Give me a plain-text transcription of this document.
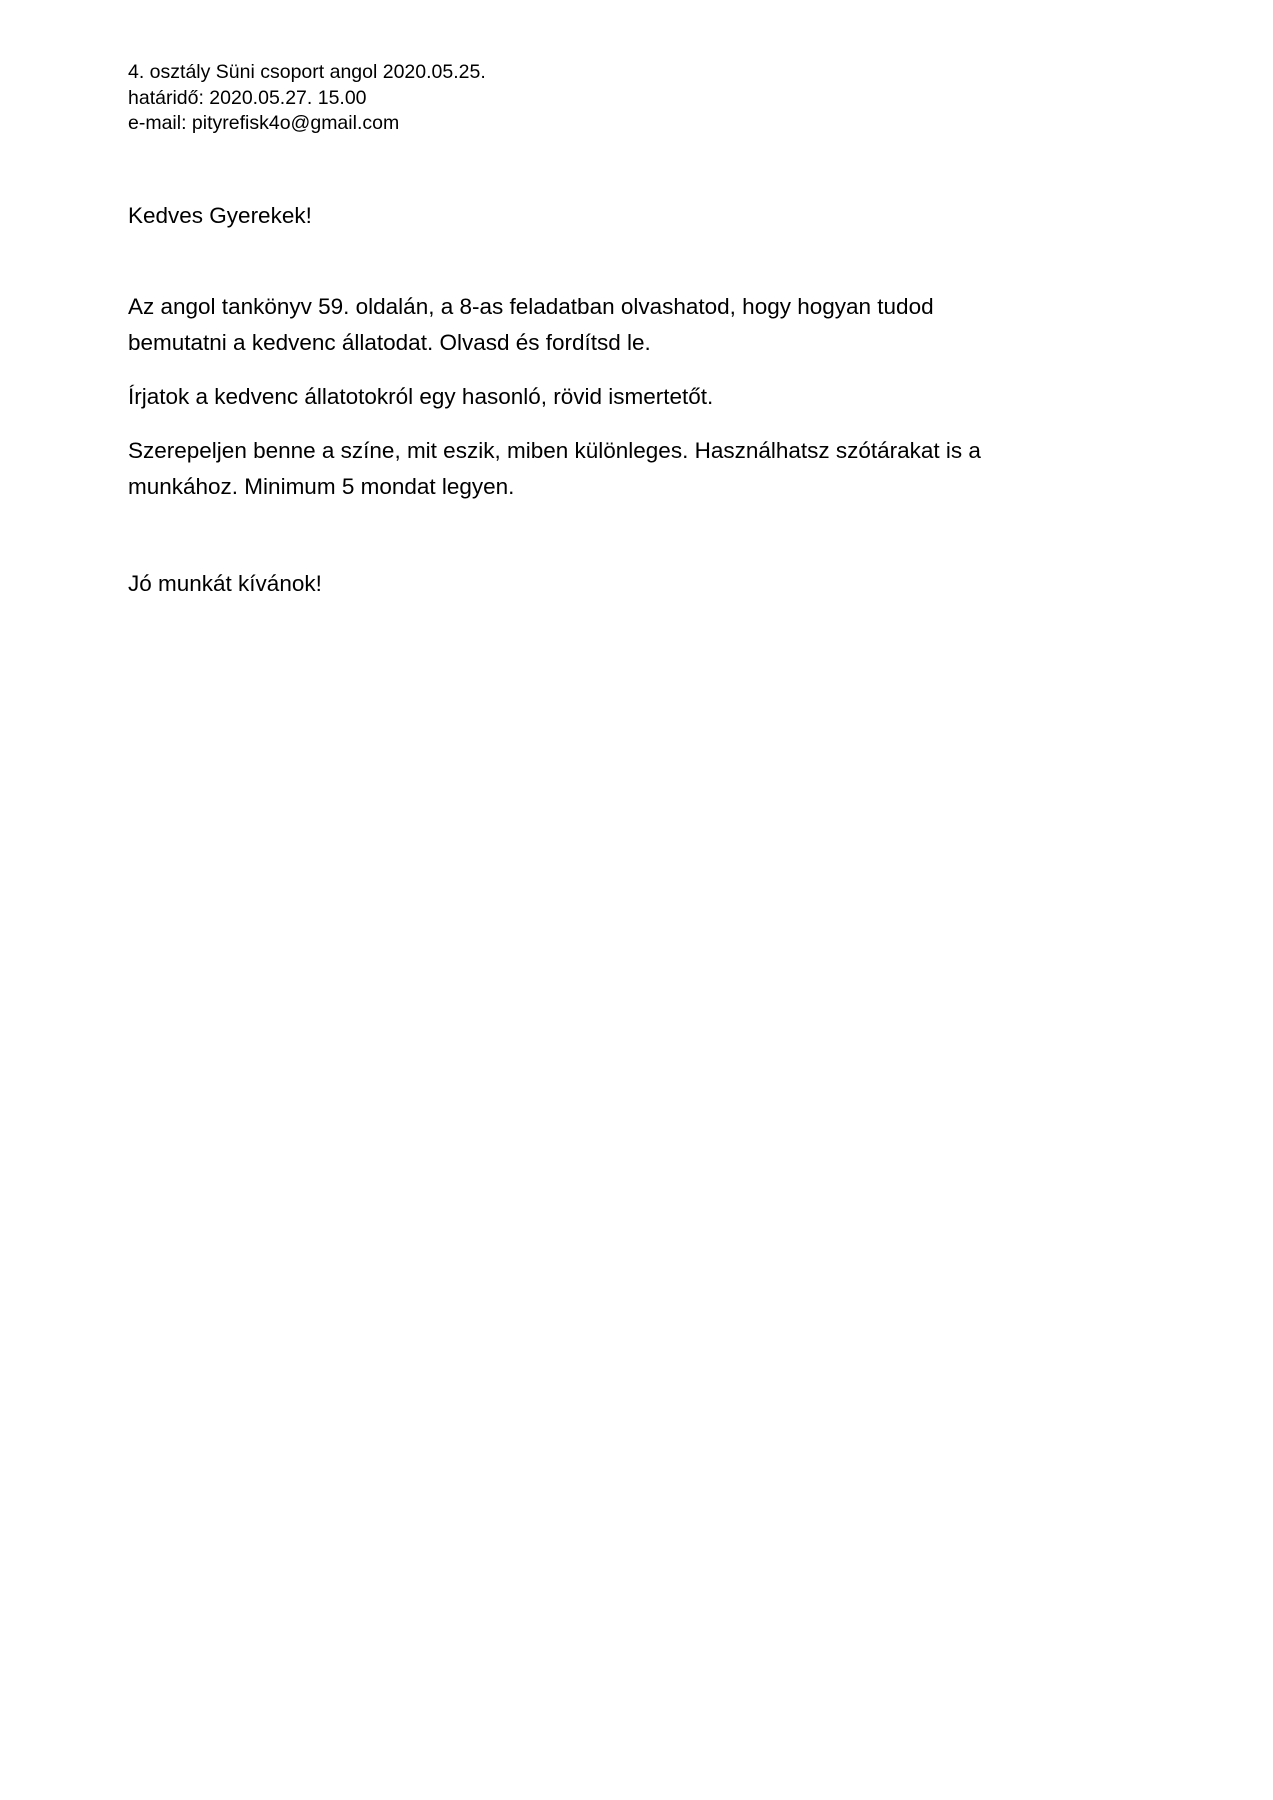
4. osztály Süni csoport angol 2020.05.25.
határidő: 2020.05.27. 15.00
e-mail: pityrefisk4o@gmail.com
Kedves Gyerekek!
Az angol tankönyv 59. oldalán, a 8-as feladatban olvashatod, hogy hogyan tudod bemutatni a kedvenc állatodat. Olvasd és fordítsd le.
Írjatok a kedvenc állatotokról egy hasonló, rövid ismertetőt.
Szerepeljen benne a színe, mit eszik, miben különleges. Használhatsz szótárakat is a munkához. Minimum 5 mondat legyen.
Jó munkát kívánok!
